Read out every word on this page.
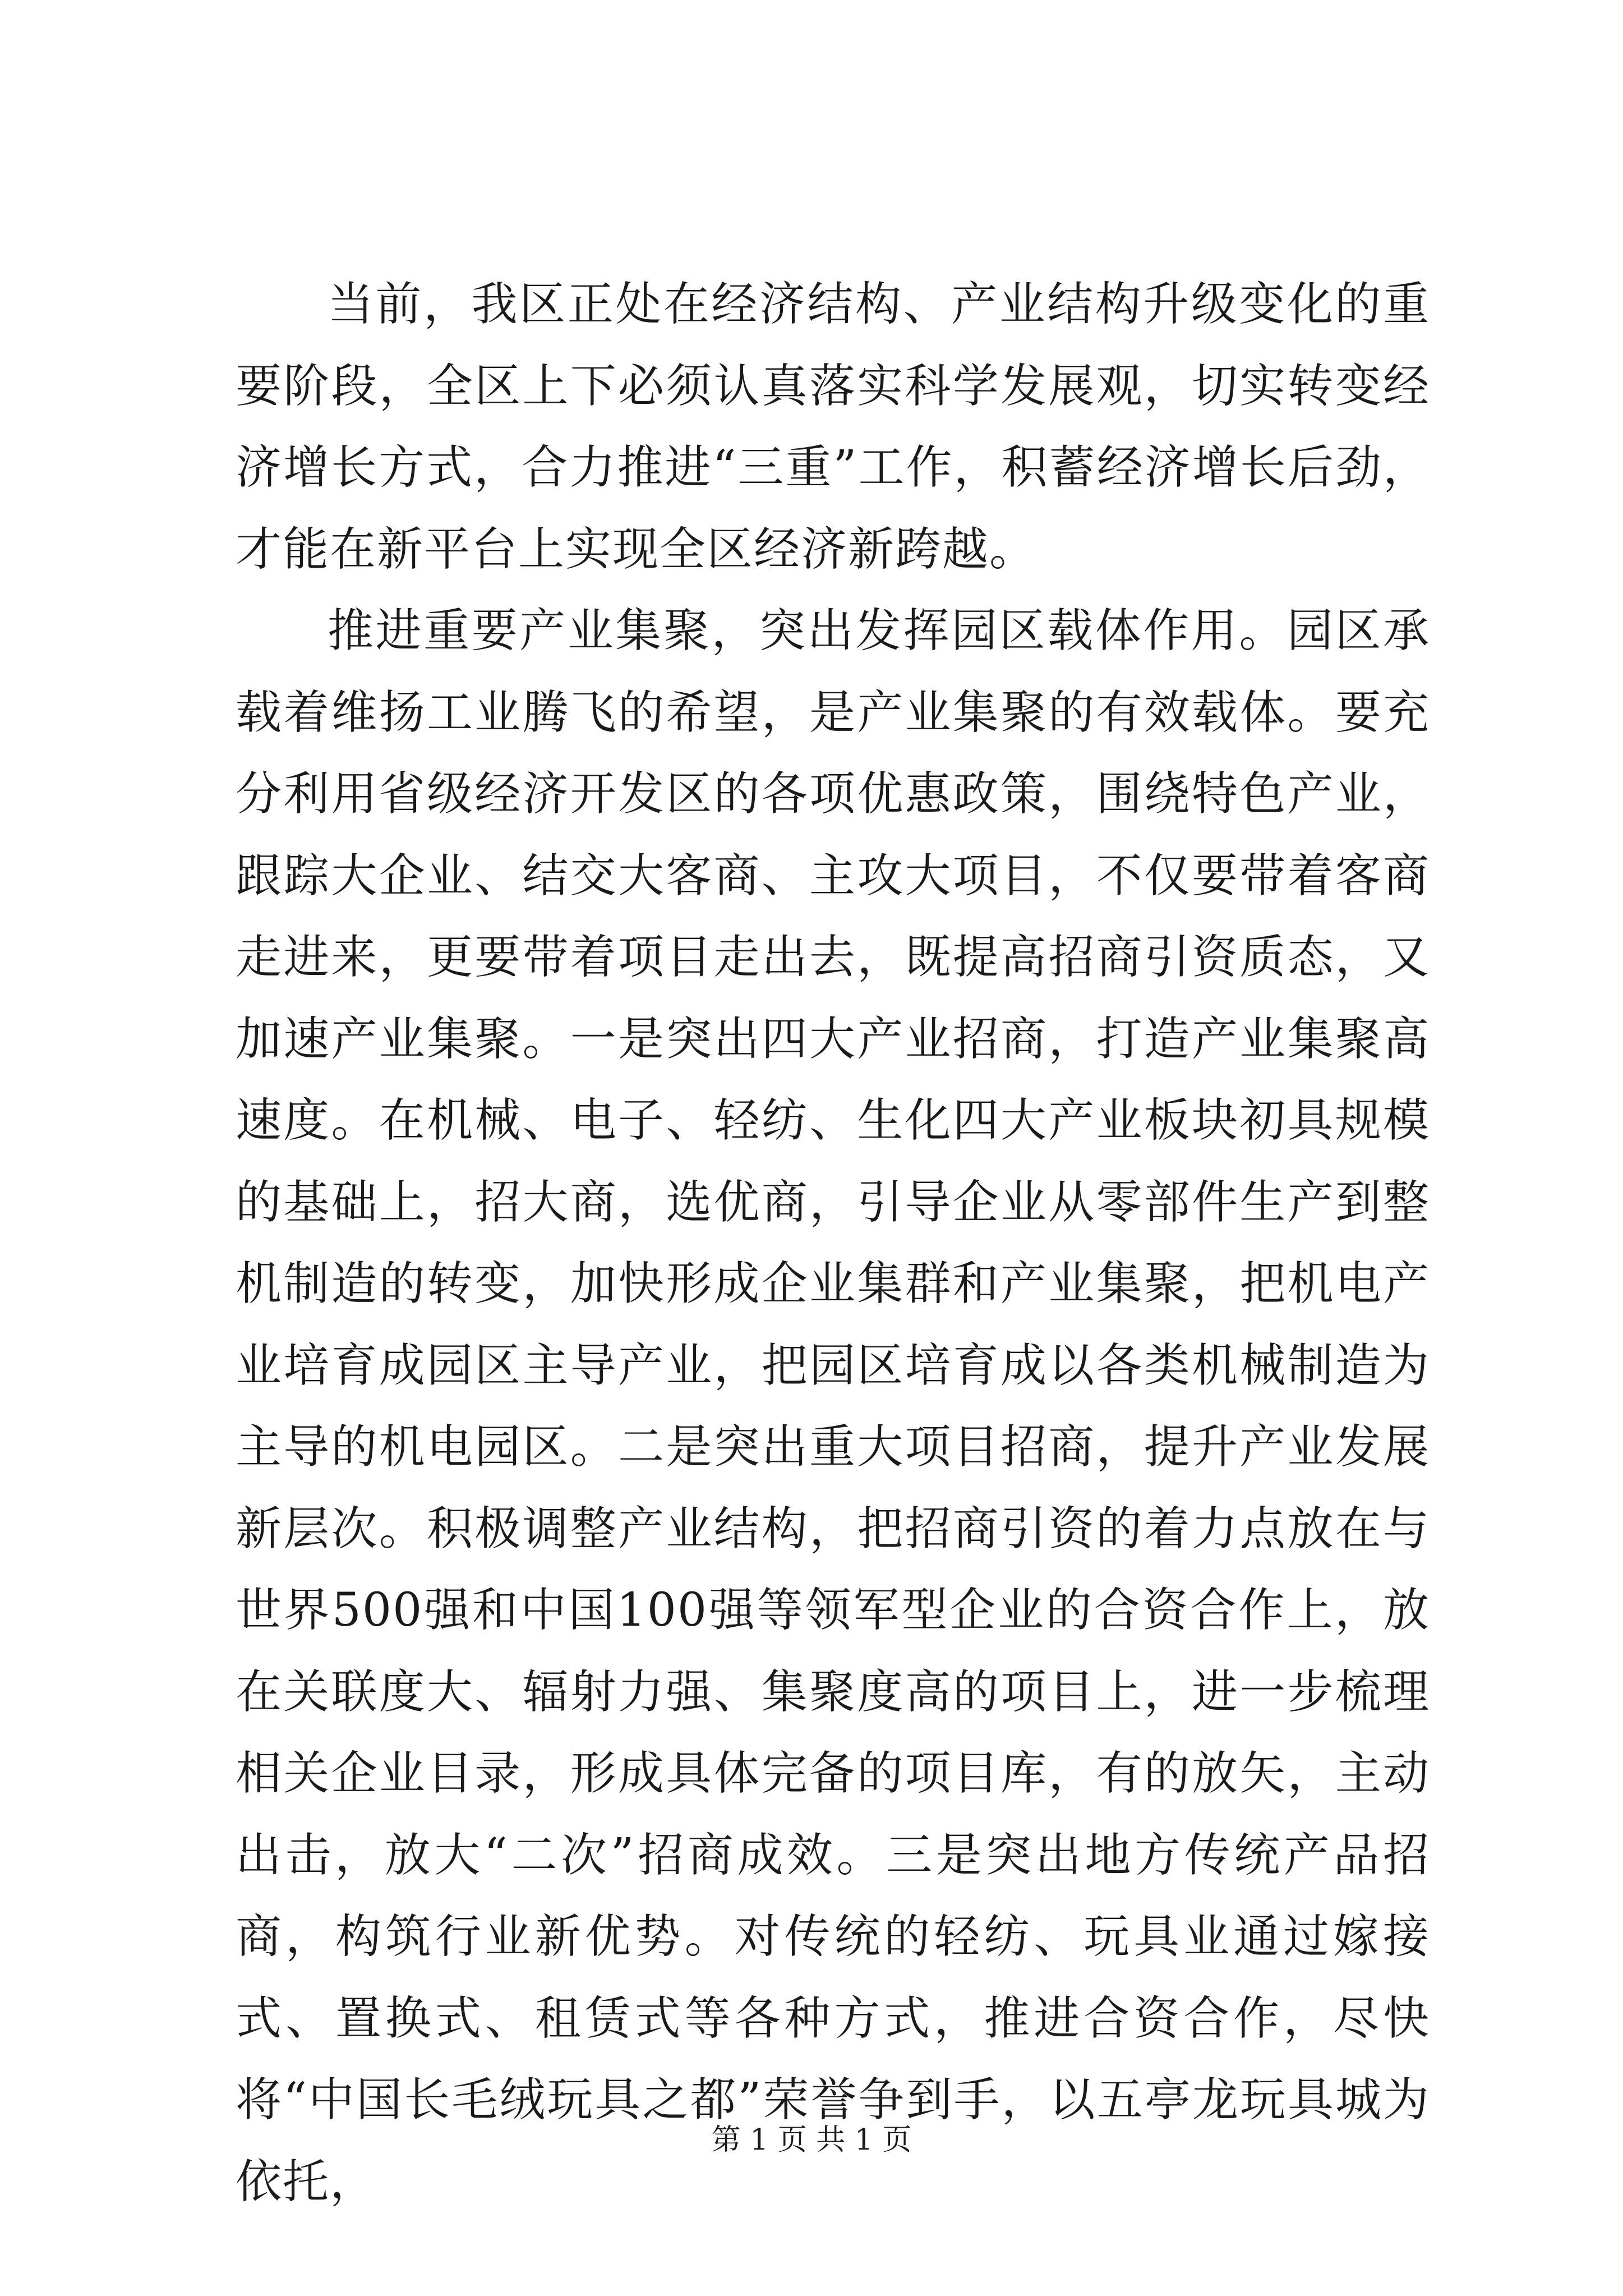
当前，我区正处在经济结构、产业结构升级变化的重要阶段，全区上下必须认真落实科学发展观，切实转变经济增长方式，合力推进“三重”工作，积蓄经济增长后劲，才能在新平台上实现全区经济新跨越。

推进重要产业集聚，突出发挥园区载体作用。园区承载着维扬工业腾飞的希望，是产业集聚的有效载体。要充分利用省级经济开发区的各项优惠政策，围绕特色产业，跟踪大企业、结交大客商、主攻大项目，不仅要带着客商走进来，更要带着项目走出去，既提高招商引资质态，又加速产业集聚。一是突出四大产业招商，打造产业集聚高速度。在机械、电子、轻纺、生化四大产业板块初具规模的基础上，招大商，选优商，引导企业从零部件生产到整机制造的转变，加快形成企业集群和产业集聚，把机电产业培育成园区主导产业，把园区培育成以各类机械制造为主导的机电园区。二是突出重大项目招商，提升产业发展新层次。积极调整产业结构，把招商引资的着力点放在与世界500强和中国100强等领军型企业的合资合作上，放在关联度大、辐射力强、集聚度高的项目上，进一步梳理相关企业目录，形成具体完备的项目库，有的放矢，主动出击，放大“二次”招商成效。三是突出地方传统产品招商，构筑行业新优势。对传统的轻纺、玩具业通过嫁接式、置换式、租赁式等各种方式，推进合资合作，尽快将“中国长毛绒玩具之都”荣誉争到手，以五亭龙玩具城为依托，

第 1 页 共 1 页
